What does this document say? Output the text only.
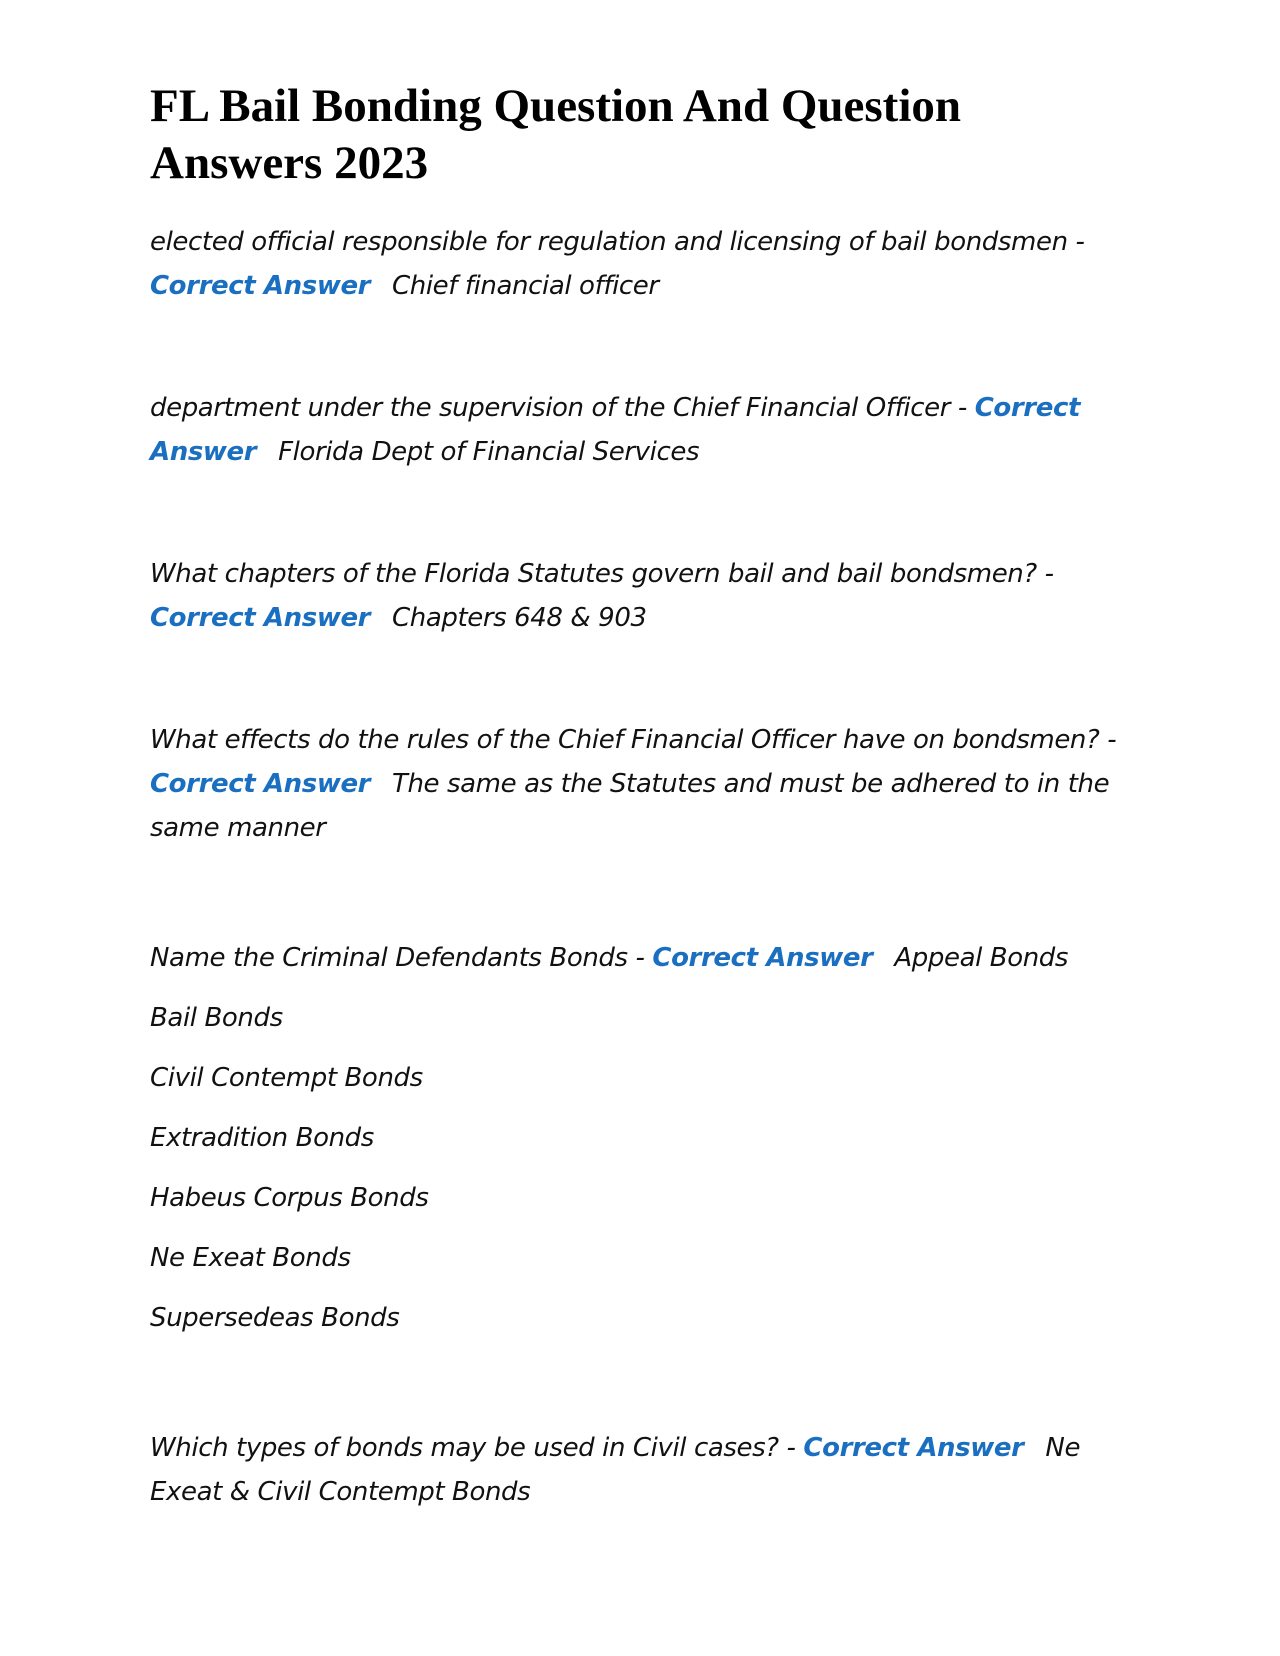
FL Bail Bonding Question And Question Answers 2023

elected official responsible for regulation and licensing of bail bondsmen - Correct Answer Chief financial officer

department under the supervision of the Chief Financial Officer - Correct Answer Florida Dept of Financial Services

What chapters of the Florida Statutes govern bail and bail bondsmen? - Correct Answer Chapters 648 & 903

What effects do the rules of the Chief Financial Officer have on bondsmen? - Correct Answer The same as the Statutes and must be adhered to in the same manner

Name the Criminal Defendants Bonds - Correct Answer Appeal Bonds

Bail Bonds

Civil Contempt Bonds

Extradition Bonds

Habeus Corpus Bonds

Ne Exeat Bonds

Supersedeas Bonds

Which types of bonds may be used in Civil cases? - Correct Answer Ne Exeat & Civil Contempt Bonds
